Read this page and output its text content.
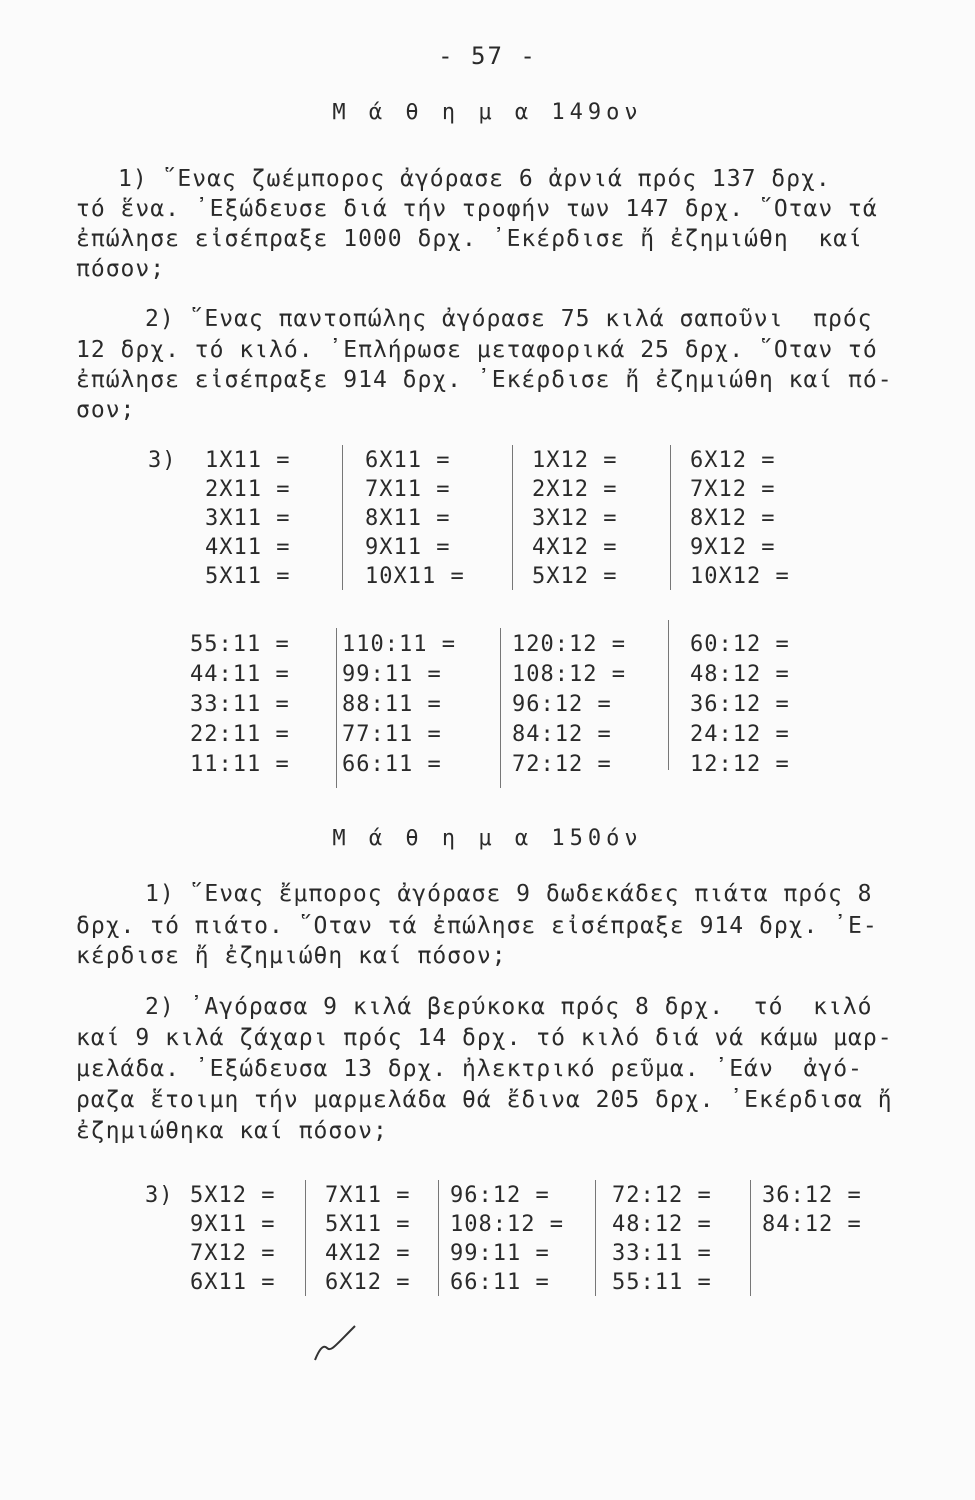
- 57 -
Μ ά θ η μ α 149ον
1) ῞Ενας ζωέμπορος ἀγόρασε 6 ἀρνιά πρός 137 δρχ.
τό ἕνα. ᾽Εξώδευσε διά τήν τροφήν των 147 δρχ. ῞Οταν τά
ἐπώλησε εἰσέπραξε 1000 δρχ. ᾽Εκέρδισε ἤ ἐζημιώθη  καί
πόσον;
2) ῞Ενας παντοπώλης ἀγόρασε 75 κιλά σαποῦνι  πρός
12 δρχ. τό κιλό. ᾽Επλήρωσε μεταφορικά 25 δρχ. ῞Οταν τό
ἐπώλησε εἰσέπραξε 914 δρχ. ᾽Εκέρδισε ἤ ἐζημιώθη καί πό-
σον;
3) 1X11 =
2X11 =
3X11 =
4X11 =
5X11 =
6X11 =
7X11 =
8X11 =
9X11 =
10X11 =
1X12 =
2X12 =
3X12 =
4X12 =
5X12 =
6X12 =
7X12 =
8X12 =
9X12 =
10X12 =
55:11 =
44:11 =
33:11 =
22:11 =
11:11 =
110:11 =
99:11 =
88:11 =
77:11 =
66:11 =
120:12 =
108:12 =
96:12 =
84:12 =
72:12 =
60:12 =
48:12 =
36:12 =
24:12 =
12:12 =
Μ ά θ η μ α 150όν
1) ῞Ενας ἔμπορος ἀγόρασε 9 δωδεκάδες πιάτα πρός 8
δρχ. τό πιάτο. ῞Οταν τά ἐπώλησε εἰσέπραξε 914 δρχ. ᾽Ε-
κέρδισε ἤ ἐζημιώθη καί πόσον;
2) ᾽Αγόρασα 9 κιλά βερύκοκα πρός 8 δρχ.  τό  κιλό
καί 9 κιλά ζάχαρι πρός 14 δρχ. τό κιλό διά νά κάμω μαρ-
μελάδα. ᾽Εξώδευσα 13 δρχ. ἠλεκτρικό ρεῦμα. ᾽Εάν  ἀγό-
ραζα ἕτοιμη τήν μαρμελάδα θά ἔδινα 205 δρχ. ᾽Εκέρδισα ἤ
ἐζημιώθηκα καί πόσον;
3) 5X12 =
9X11 =
7X12 =
6X11 =
7X11 =
5X11 =
4X12 =
6X12 =
96:12 =
108:12 =
99:11 =
66:11 =
72:12 =
48:12 =
33:11 =
55:11 =
36:12 =
84:12 =
